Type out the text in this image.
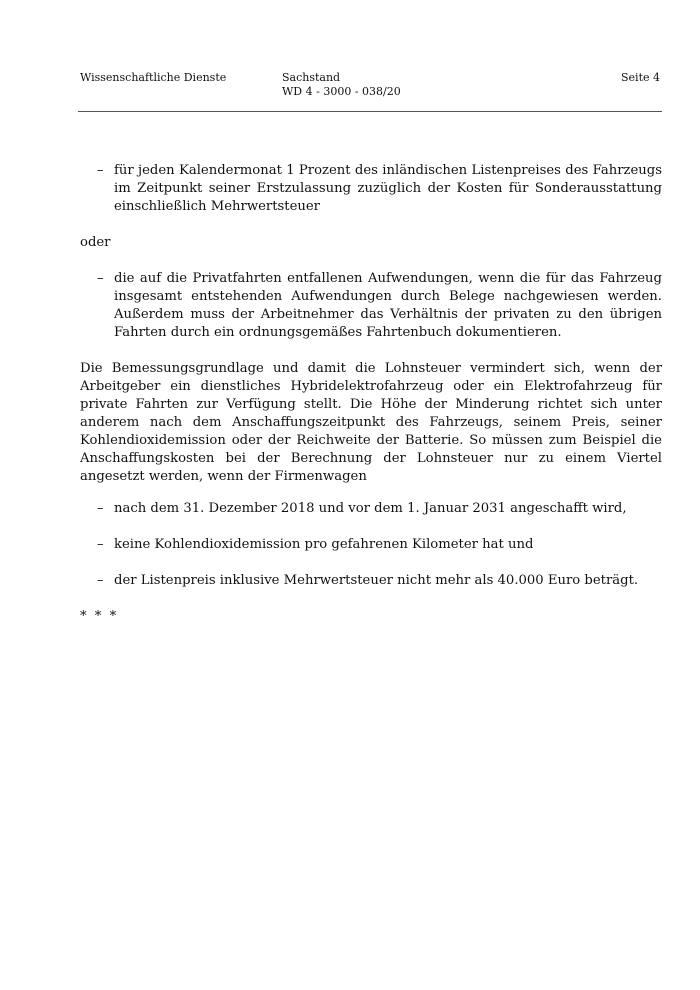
Wissenschaftliche Dienste	Sachstand
WD 4 - 3000 - 038/20
Seite 4
– für jeden Kalendermonat 1 Prozent des inländischen Listenpreises des Fahrzeugs im Zeitpunkt seiner Erstzulassung zuzüglich der Kosten für Sonderausstattung einschließlich Mehrwertsteuer

oder

– die auf die Privatfahrten entfallenen Aufwendungen, wenn die für das Fahrzeug insgesamt entstehenden Aufwendungen durch Belege nachgewiesen werden. Außerdem muss der Arbeitnehmer das Verhältnis der privaten zu den übrigen Fahrten durch ein ordnungsgemäßes Fahrtenbuch dokumentieren.

Die Bemessungsgrundlage und damit die Lohnsteuer vermindert sich, wenn der Arbeitgeber ein dienstliches Hybridelektrofahrzeug oder ein Elektrofahrzeug für private Fahrten zur Verfügung stellt. Die Höhe der Minderung richtet sich unter anderem nach dem Anschaffungszeitpunkt des Fahrzeugs, seinem Preis, seiner Kohlendioxidemission oder der Reichweite der Batterie. So müssen zum Beispiel die Anschaffungskosten bei der Berechnung der Lohnsteuer nur zu einem Viertel angesetzt werden, wenn der Firmenwagen

– nach dem 31. Dezember 2018 und vor dem 1. Januar 2031 angeschafft wird,

– keine Kohlendioxidemission pro gefahrenen Kilometer hat und

– der Listenpreis inklusive Mehrwertsteuer nicht mehr als 40.000 Euro beträgt.

* * *
